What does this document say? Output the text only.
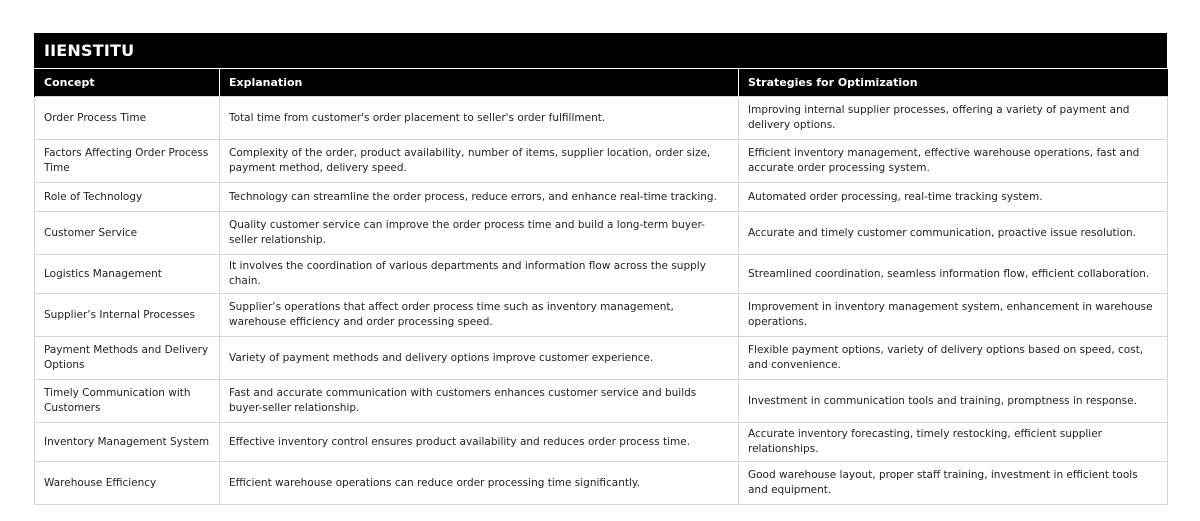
IIENSTITU
Concept	Explanation	Strategies for Optimization
Order Process Time	Total time from customer's order placement to seller's order fulfillment.	Improving internal supplier processes, offering a variety of payment and delivery options.
Factors Affecting Order Process Time	Complexity of the order, product availability, number of items, supplier location, order size, payment method, delivery speed.	Efficient inventory management, effective warehouse operations, fast and accurate order processing system.
Role of Technology	Technology can streamline the order process, reduce errors, and enhance real-time tracking.	Automated order processing, real-time tracking system.
Customer Service	Quality customer service can improve the order process time and build a long-term buyer-seller relationship.	Accurate and timely customer communication, proactive issue resolution.
Logistics Management	It involves the coordination of various departments and information flow across the supply chain.	Streamlined coordination, seamless information flow, efficient collaboration.
Supplier’s Internal Processes	Supplier’s operations that affect order process time such as inventory management, warehouse efficiency and order processing speed.	Improvement in inventory management system, enhancement in warehouse operations.
Payment Methods and Delivery Options	Variety of payment methods and delivery options improve customer experience.	Flexible payment options, variety of delivery options based on speed, cost, and convenience.
Timely Communication with Customers	Fast and accurate communication with customers enhances customer service and builds buyer-seller relationship.	Investment in communication tools and training, promptness in response.
Inventory Management System	Effective inventory control ensures product availability and reduces order process time.	Accurate inventory forecasting, timely restocking, efficient supplier relationships.
Warehouse Efficiency	Efficient warehouse operations can reduce order processing time significantly.	Good warehouse layout, proper staff training, investment in efficient tools and equipment.
